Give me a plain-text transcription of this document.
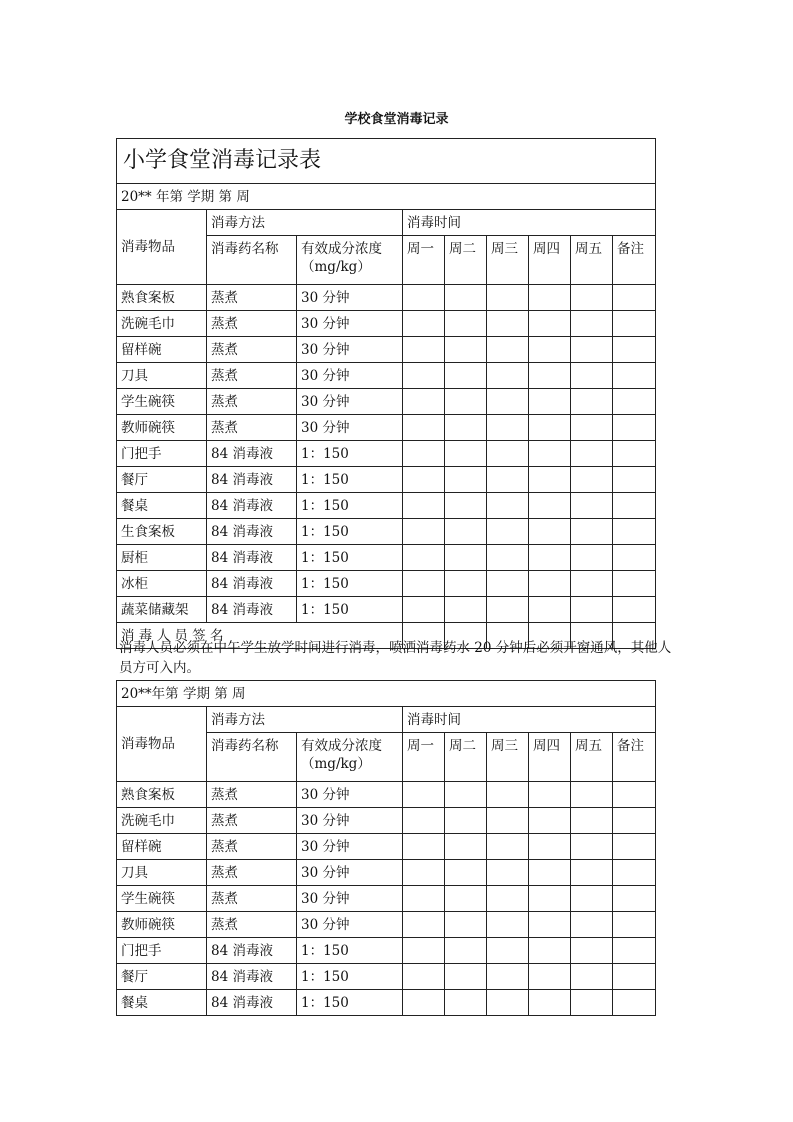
学校食堂消毒记录
小学食堂消毒记录表								
20** 年第 学期 第 周								
消毒物品	消毒方法		消毒时间					
	消毒药名称	有效成分浓度（mg/kg）	周一	周二	周三	周四	周五	备注
熟食案板	蒸煮	30 分钟						
洗碗毛巾	蒸煮	30 分钟						
留样碗	蒸煮	30 分钟						
刀具	蒸煮	30 分钟						
学生碗筷	蒸煮	30 分钟						
教师碗筷	蒸煮	30 分钟						
门把手	84 消毒液	1：150						
餐厅	84 消毒液	1：150						
餐桌	84 消毒液	1：150						
生食案板	84 消毒液	1：150						
厨柜	84 消毒液	1：150						
冰柜	84 消毒液	1：150						
蔬菜储藏架	84 消毒液	1：150						
消 毒 人 员 签 名								
消毒人员必须在中午学生放学时间进行消毒，喷洒消毒药水 20 分钟后必须开窗通风，其他人员方可入内。
20**年第 学期 第 周								
消毒物品	消毒方法		消毒时间					
	消毒药名称	有效成分浓度（mg/kg）	周一	周二	周三	周四	周五	备注
熟食案板	蒸煮	30 分钟						
洗碗毛巾	蒸煮	30 分钟						
留样碗	蒸煮	30 分钟						
刀具	蒸煮	30 分钟						
学生碗筷	蒸煮	30 分钟						
教师碗筷	蒸煮	30 分钟						
门把手	84 消毒液	1：150						
餐厅	84 消毒液	1：150						
餐桌	84 消毒液	1：150						
